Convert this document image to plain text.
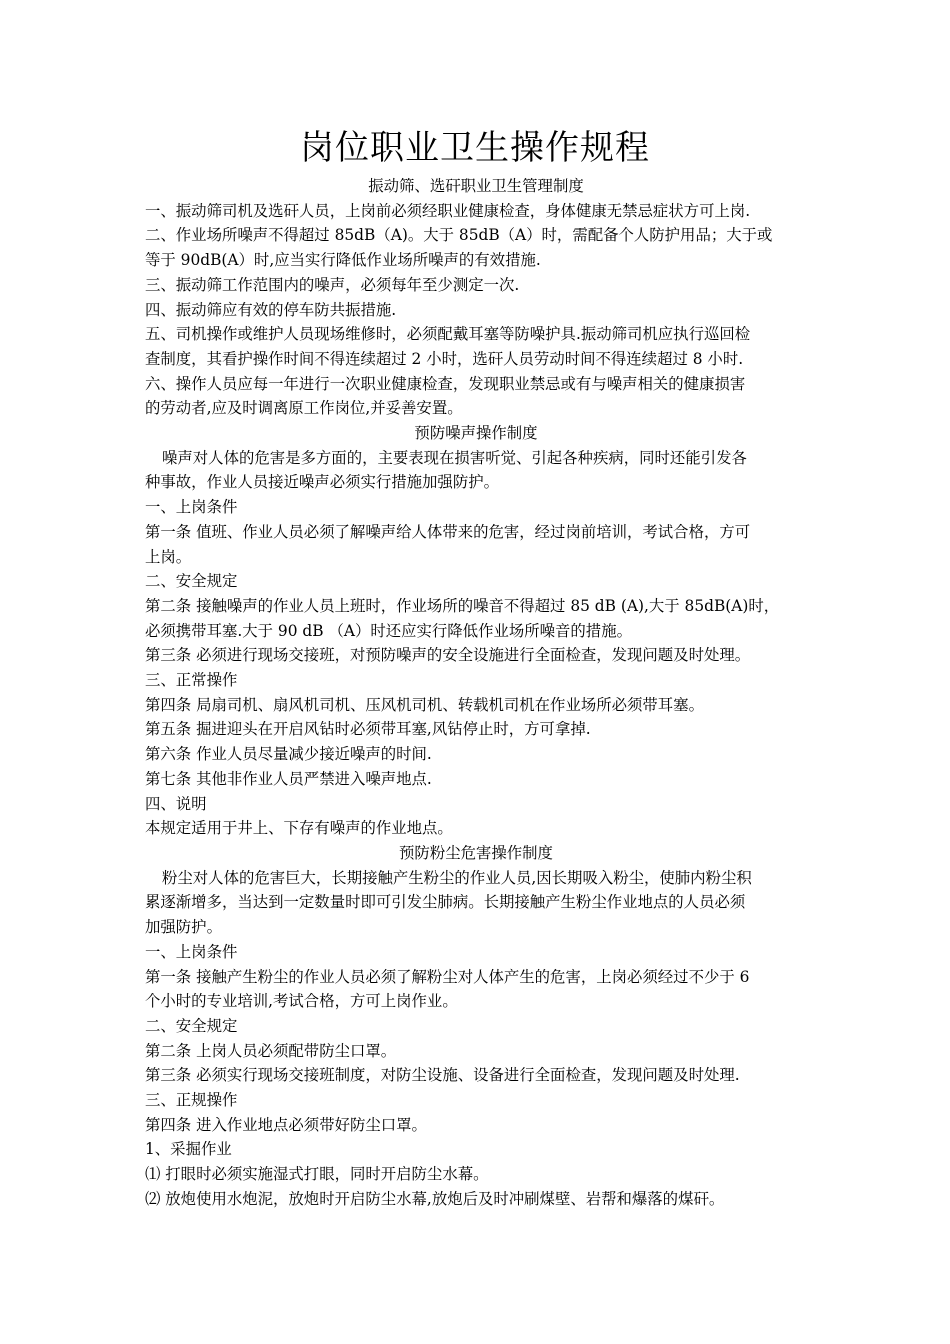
岗位职业卫生操作规程
振动筛、选矸职业卫生管理制度
一、振动筛司机及选矸人员，上岗前必须经职业健康检查，身体健康无禁忌症状方可上岗.
二、作业场所噪声不得超过 85dB（A)。大于 85dB（A）时，需配备个人防护用品；大于或
等于 90dB(A）时,应当实行降低作业场所噪声的有效措施.
三、振动筛工作范围内的噪声，必须每年至少测定一次.
四、振动筛应有效的停车防共振措施.
五、司机操作或维护人员现场维修时，必须配戴耳塞等防噪护具.振动筛司机应执行巡回检
查制度，其看护操作时间不得连续超过 2 小时，选矸人员劳动时间不得连续超过 8 小时.
六、操作人员应每一年进行一次职业健康检查，发现职业禁忌或有与噪声相关的健康损害
的劳动者,应及时调离原工作岗位,并妥善安置。
预防噪声操作制度
噪声对人体的危害是多方面的，主要表现在损害听觉、引起各种疾病，同时还能引发各
种事故，作业人员接近噪声必须实行措施加强防护。
一、上岗条件
第一条 值班、作业人员必须了解噪声给人体带来的危害，经过岗前培训，考试合格，方可
上岗。
二、安全规定
第二条 接触噪声的作业人员上班时，作业场所的噪音不得超过 85 dB (A),大于 85dB(A)时，
必须携带耳塞.大于 90 dB （A）时还应实行降低作业场所噪音的措施。
第三条 必须进行现场交接班，对预防噪声的安全设施进行全面检查，发现问题及时处理。
三、正常操作
第四条 局扇司机、扇风机司机、压风机司机、转载机司机在作业场所必须带耳塞。
第五条 掘进迎头在开启风钻时必须带耳塞,风钻停止时，方可拿掉.
第六条 作业人员尽量减少接近噪声的时间.
第七条 其他非作业人员严禁进入噪声地点.
四、说明
本规定适用于井上、下存有噪声的作业地点。
预防粉尘危害操作制度
粉尘对人体的危害巨大，长期接触产生粉尘的作业人员,因长期吸入粉尘，使肺内粉尘积
累逐渐增多，当达到一定数量时即可引发尘肺病。长期接触产生粉尘作业地点的人员必须
加强防护。
一、上岗条件
第一条 接触产生粉尘的作业人员必须了解粉尘对人体产生的危害，上岗必须经过不少于 6
个小时的专业培训,考试合格，方可上岗作业。
二、安全规定
第二条 上岗人员必须配带防尘口罩。
第三条 必须实行现场交接班制度，对防尘设施、设备进行全面检查，发现问题及时处理.
三、正规操作
第四条 进入作业地点必须带好防尘口罩。
1、采掘作业
⑴ 打眼时必须实施湿式打眼，同时开启防尘水幕。
⑵ 放炮使用水炮泥，放炮时开启防尘水幕,放炮后及时冲刷煤壁、岩帮和爆落的煤矸。
